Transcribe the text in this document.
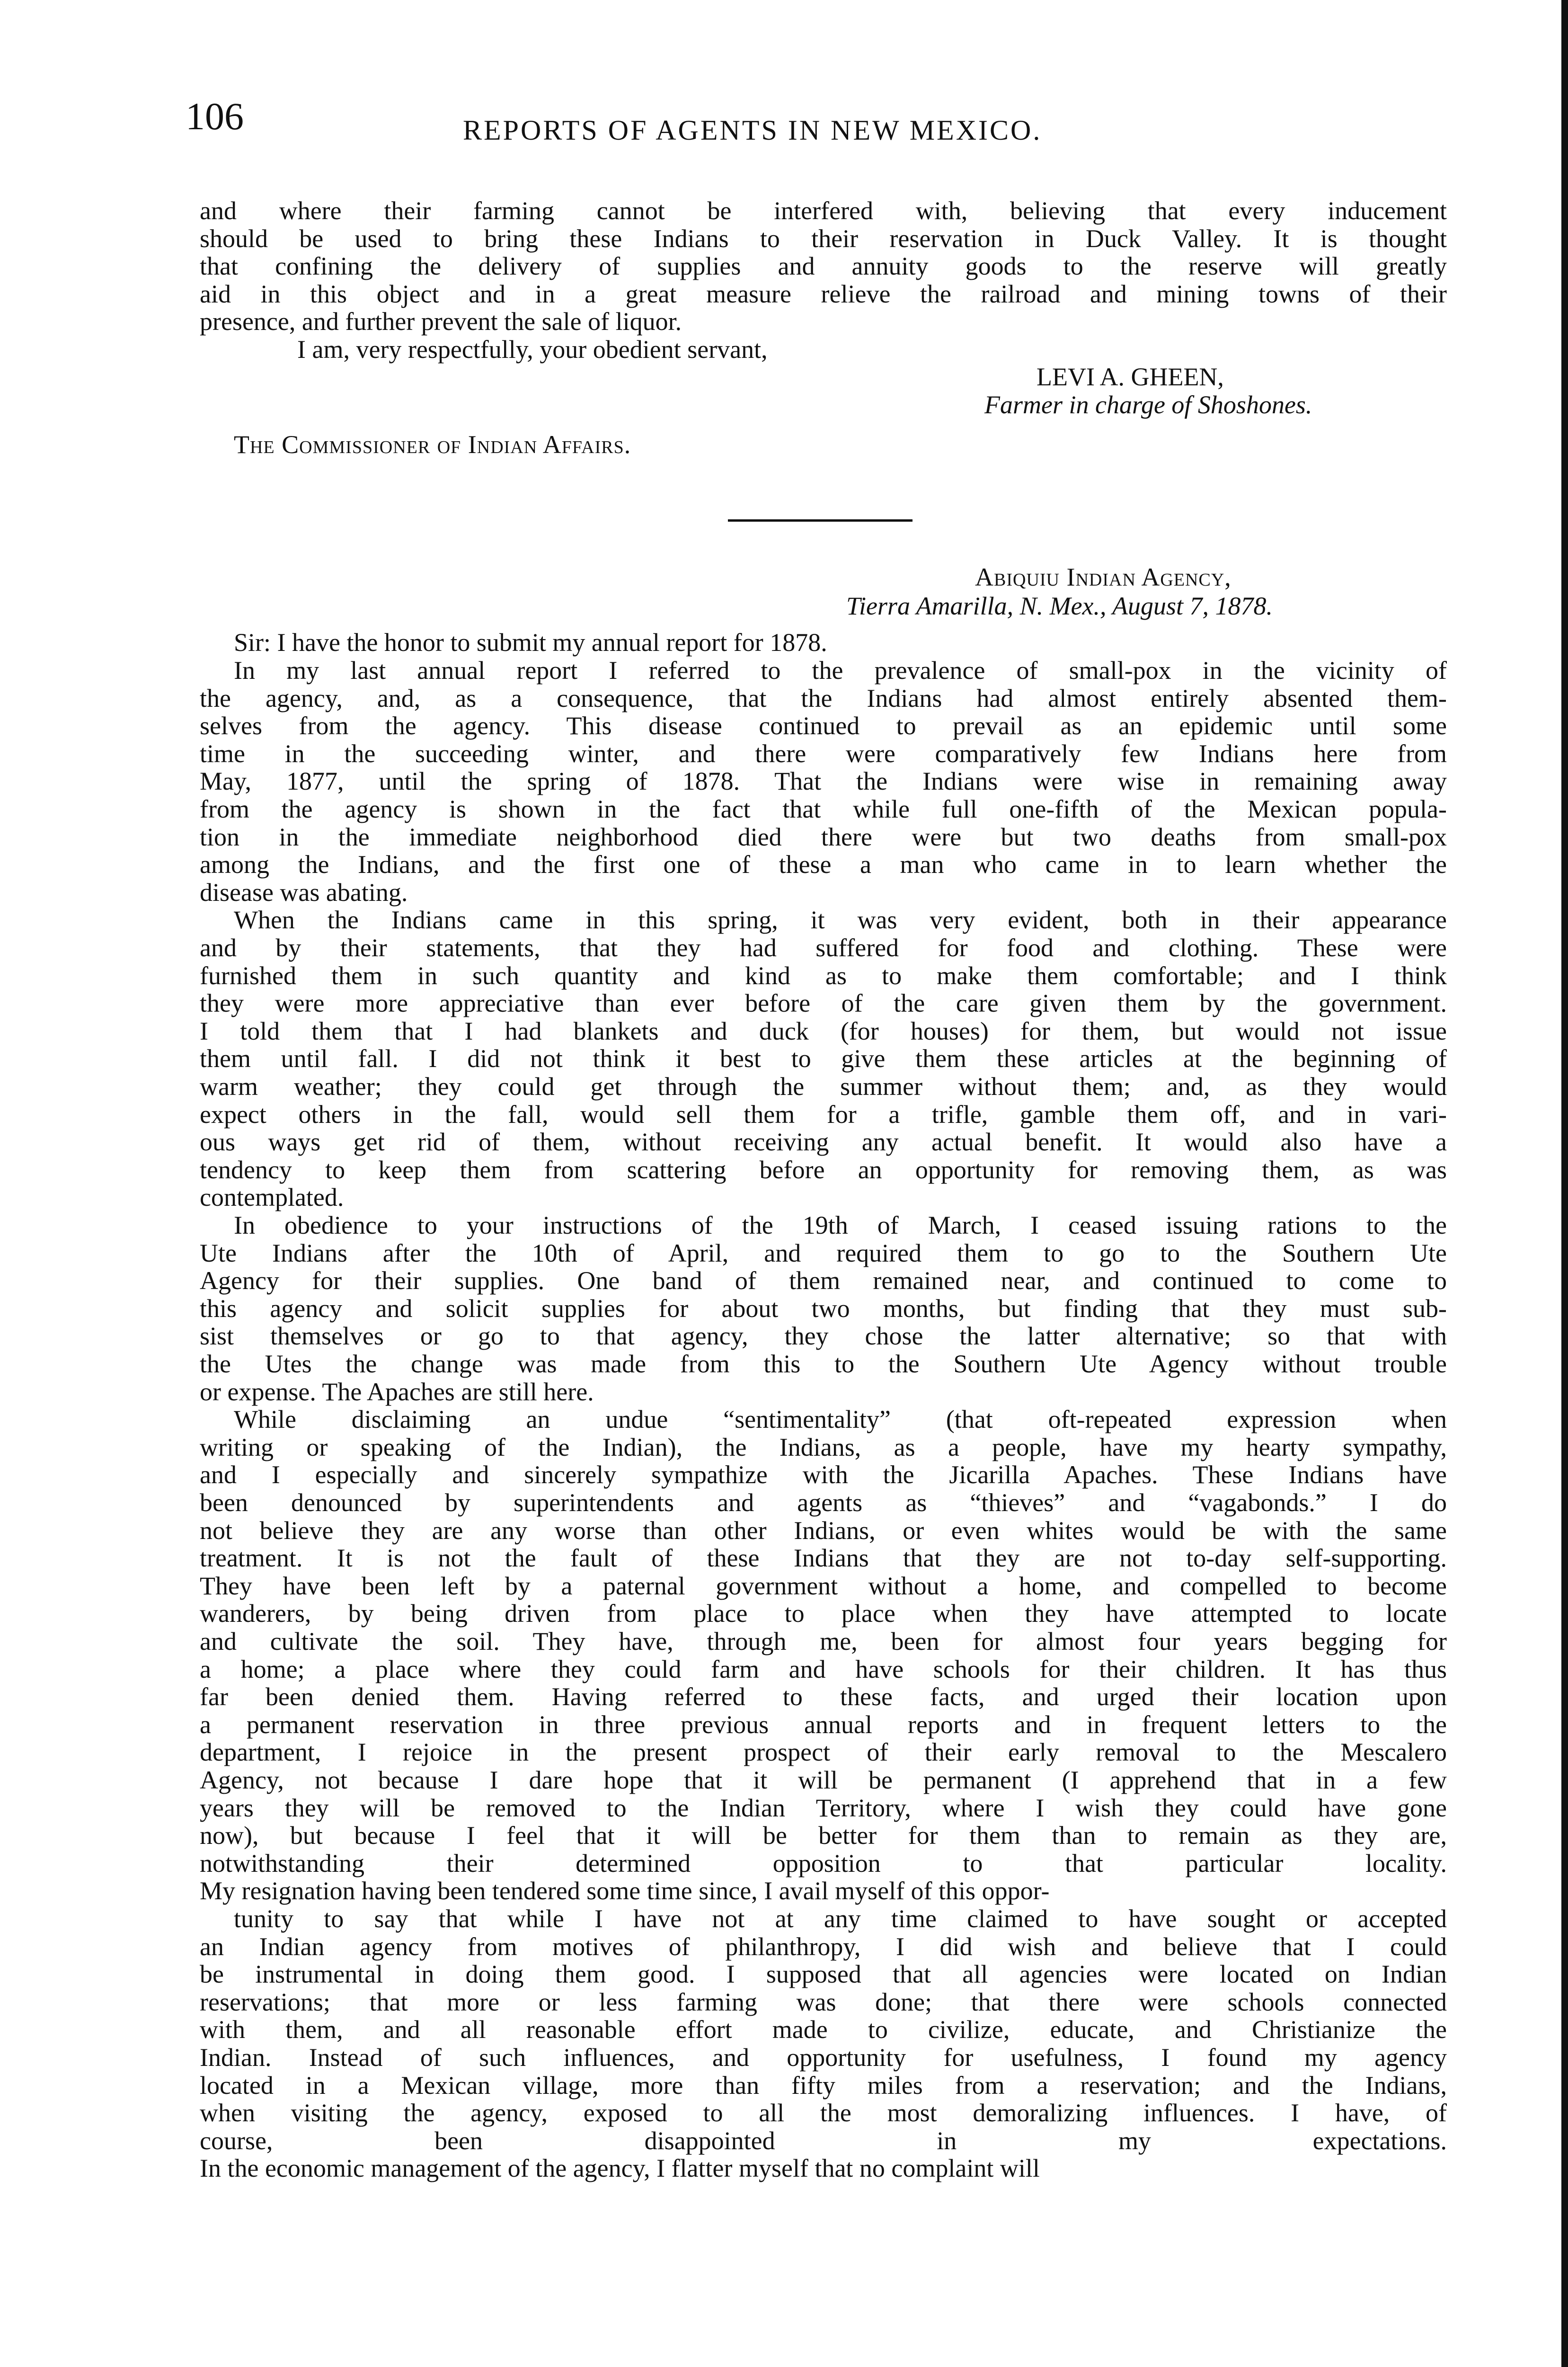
106	REPORTS OF AGENTS IN NEW MEXICO.
and where their farming cannot be interfered with, believing that every inducement
should be used to bring these Indians to their reservation in Duck Valley. It is thought
that confining the delivery of supplies and annuity goods to the reserve will greatly
aid in this object and in a great measure relieve the railroad and mining towns of their
presence, and further prevent the sale of liquor.
I am, very respectfully, your obedient servant,
LEVI A. GHEEN,
Farmer in charge of Shoshones.
The Commissioner of Indian Affairs.
Abiquiu Indian Agency,
Tierra Amarilla, N. Mex., August 7, 1878.
Sir: I have the honor to submit my annual report for 1878.
In my last annual report I referred to the prevalence of small-pox in the vicinity of
the agency, and, as a consequence, that the Indians had almost entirely absented them-
selves from the agency. This disease continued to prevail as an epidemic until some
time in the succeeding winter, and there were comparatively few Indians here from
May, 1877, until the spring of 1878. That the Indians were wise in remaining away
from the agency is shown in the fact that while full one-fifth of the Mexican popula-
tion in the immediate neighborhood died there were but two deaths from small-pox
among the Indians, and the first one of these a man who came in to learn whether the
disease was abating.
When the Indians came in this spring, it was very evident, both in their appearance
and by their statements, that they had suffered for food and clothing. These were
furnished them in such quantity and kind as to make them comfortable; and I think
they were more appreciative than ever before of the care given them by the government.
I told them that I had blankets and duck (for houses) for them, but would not issue
them until fall. I did not think it best to give them these articles at the beginning of
warm weather; they could get through the summer without them; and, as they would
expect others in the fall, would sell them for a trifle, gamble them off, and in vari-
ous ways get rid of them, without receiving any actual benefit. It would also have a
tendency to keep them from scattering before an opportunity for removing them, as was
contemplated.
In obedience to your instructions of the 19th of March, I ceased issuing rations to the
Ute Indians after the 10th of April, and required them to go to the Southern Ute
Agency for their supplies. One band of them remained near, and continued to come to
this agency and solicit supplies for about two months, but finding that they must sub-
sist themselves or go to that agency, they chose the latter alternative; so that with
the Utes the change was made from this to the Southern Ute Agency without trouble
or expense. The Apaches are still here.
While disclaiming an undue “sentimentality” (that oft-repeated expression when
writing or speaking of the Indian), the Indians, as a people, have my hearty sympathy,
and I especially and sincerely sympathize with the Jicarilla Apaches. These Indians have
been denounced by superintendents and agents as “thieves” and “vagabonds.” I do
not believe they are any worse than other Indians, or even whites would be with the same
treatment. It is not the fault of these Indians that they are not to-day self-supporting.
They have been left by a paternal government without a home, and compelled to become
wanderers, by being driven from place to place when they have attempted to locate
and cultivate the soil. They have, through me, been for almost four years begging for
a home; a place where they could farm and have schools for their children. It has thus
far been denied them. Having referred to these facts, and urged their location upon
a permanent reservation in three previous annual reports and in frequent letters to the
department, I rejoice in the present prospect of their early removal to the Mescalero
Agency, not because I dare hope that it will be permanent (I apprehend that in a few
years they will be removed to the Indian Territory, where I wish they could have gone
now), but because I feel that it will be better for them than to remain as they are,
notwithstanding their determined opposition to that particular locality.
My resignation having been tendered some time since, I avail myself of this oppor-
tunity to say that while I have not at any time claimed to have sought or accepted
an Indian agency from motives of philanthropy, I did wish and believe that I could
be instrumental in doing them good. I supposed that all agencies were located on Indian
reservations; that more or less farming was done; that there were schools connected
with them, and all reasonable effort made to civilize, educate, and Christianize the
Indian. Instead of such influences, and opportunity for usefulness, I found my agency
located in a Mexican village, more than fifty miles from a reservation; and the Indians,
when visiting the agency, exposed to all the most demoralizing influences. I have, of
course, been disappointed in my expectations.
In the economic management of the agency, I flatter myself that no complaint will
